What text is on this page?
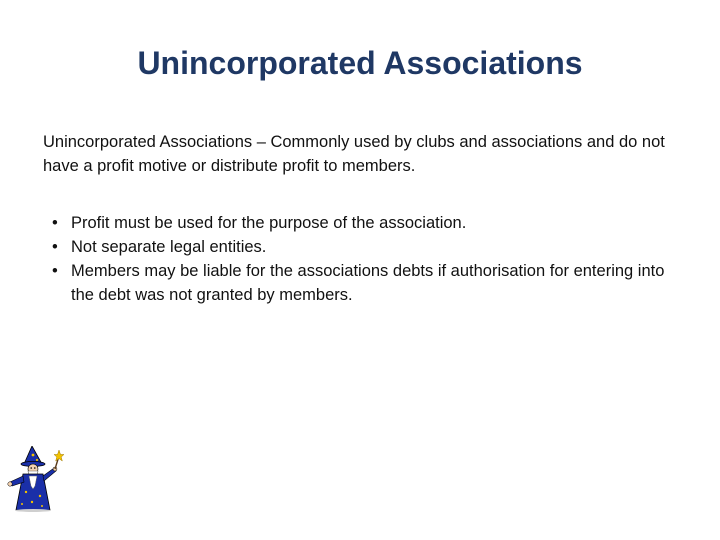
Unincorporated Associations
Unincorporated Associations – Commonly used by clubs and associations and do not have a profit motive or distribute profit to members.
• Profit must be used for the purpose of the association.
• Not separate legal entities.
• Members may be liable for the associations debts if authorisation for entering into the debt was not granted by members.
